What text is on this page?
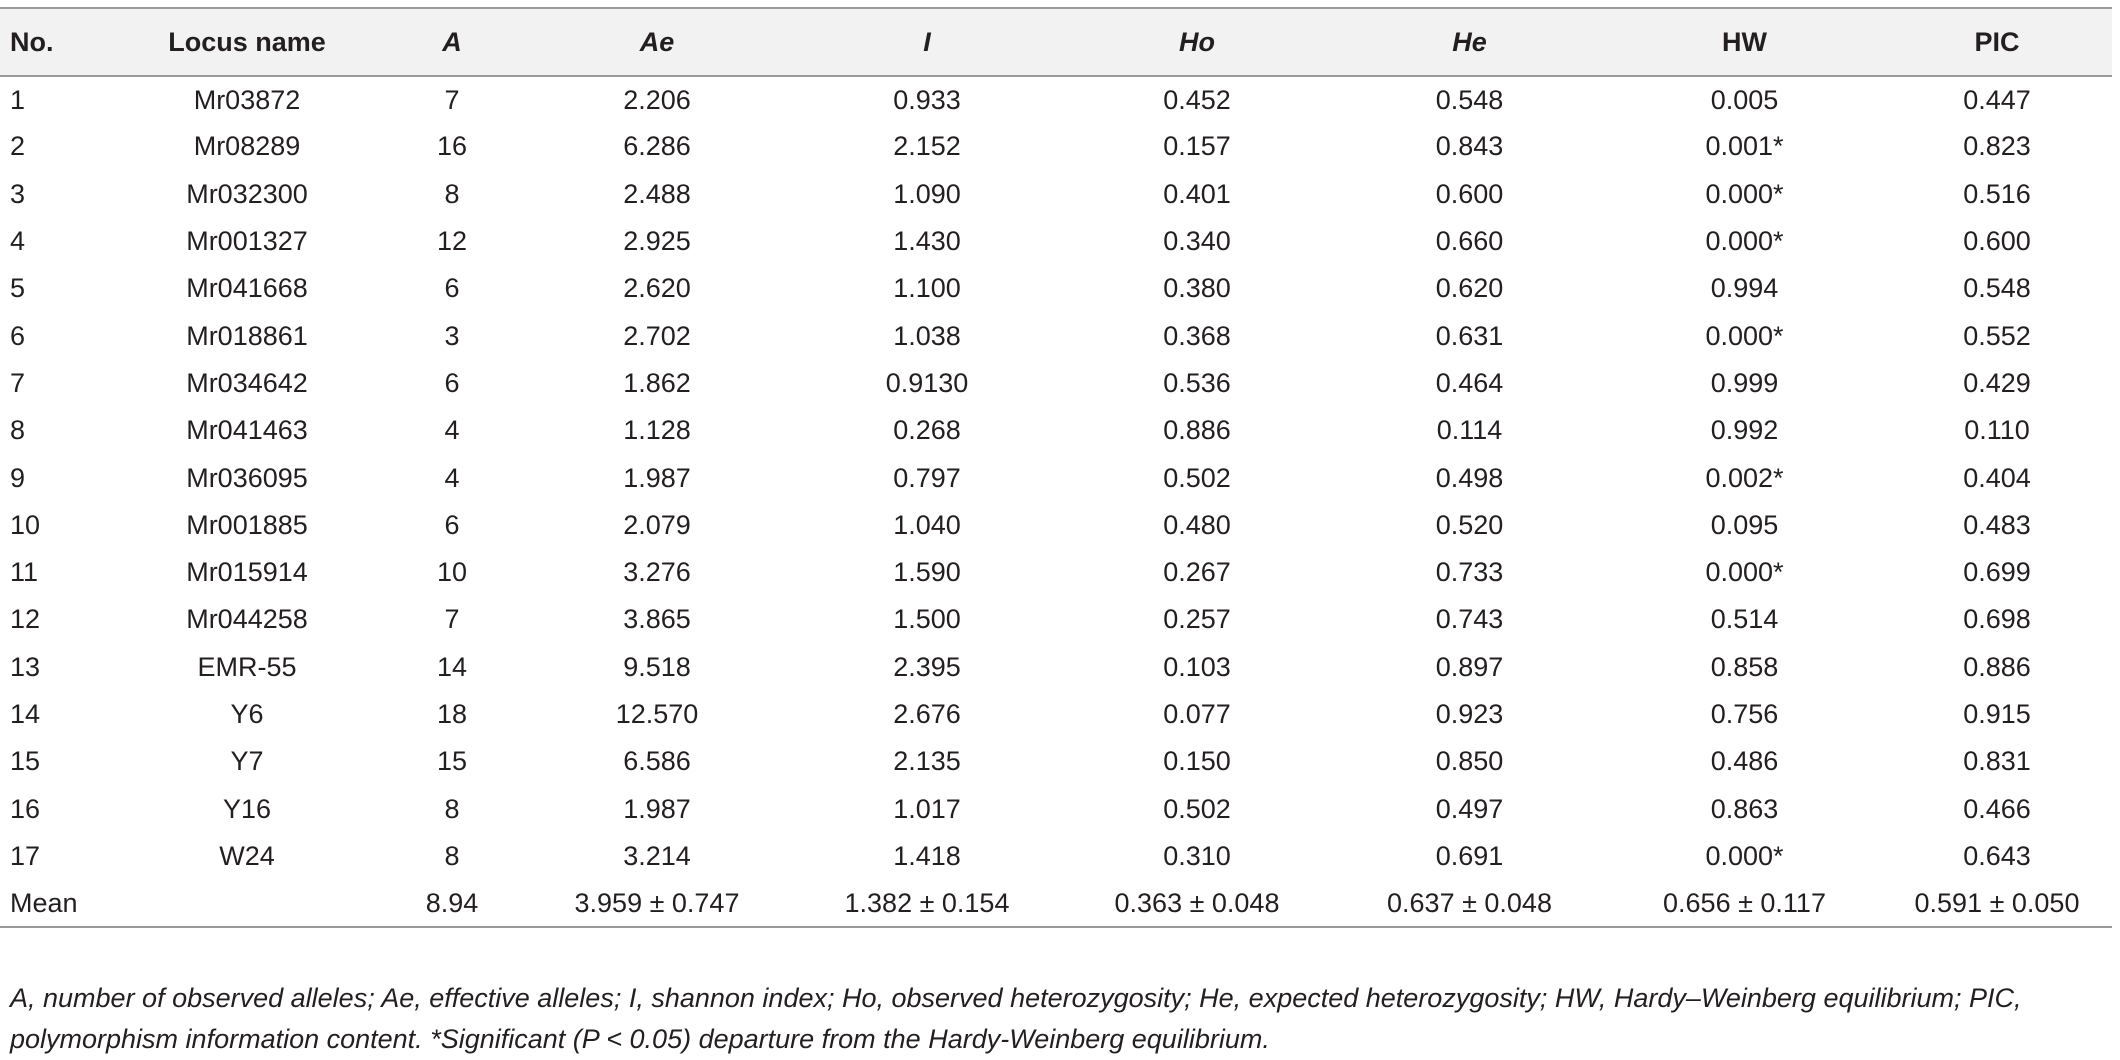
No.	Locus name	A	Ae	I	Ho	He	HW	PIC
1	Mr03872	7	2.206	0.933	0.452	0.548	0.005	0.447
2	Mr08289	16	6.286	2.152	0.157	0.843	0.001*	0.823
3	Mr032300	8	2.488	1.090	0.401	0.600	0.000*	0.516
4	Mr001327	12	2.925	1.430	0.340	0.660	0.000*	0.600
5	Mr041668	6	2.620	1.100	0.380	0.620	0.994	0.548
6	Mr018861	3	2.702	1.038	0.368	0.631	0.000*	0.552
7	Mr034642	6	1.862	0.9130	0.536	0.464	0.999	0.429
8	Mr041463	4	1.128	0.268	0.886	0.114	0.992	0.110
9	Mr036095	4	1.987	0.797	0.502	0.498	0.002*	0.404
10	Mr001885	6	2.079	1.040	0.480	0.520	0.095	0.483
11	Mr015914	10	3.276	1.590	0.267	0.733	0.000*	0.699
12	Mr044258	7	3.865	1.500	0.257	0.743	0.514	0.698
13	EMR-55	14	9.518	2.395	0.103	0.897	0.858	0.886
14	Y6	18	12.570	2.676	0.077	0.923	0.756	0.915
15	Y7	15	6.586	2.135	0.150	0.850	0.486	0.831
16	Y16	8	1.987	1.017	0.502	0.497	0.863	0.466
17	W24	8	3.214	1.418	0.310	0.691	0.000*	0.643
Mean		8.94	3.959 ± 0.747	1.382 ± 0.154	0.363 ± 0.048	0.637 ± 0.048	0.656 ± 0.117	0.591 ± 0.050

A, number of observed alleles; Ae, effective alleles; I, shannon index; Ho, observed heterozygosity; He, expected heterozygosity; HW, Hardy–Weinberg equilibrium; PIC,

polymorphism information content. *Significant (P < 0.05) departure from the Hardy-Weinberg equilibrium.
